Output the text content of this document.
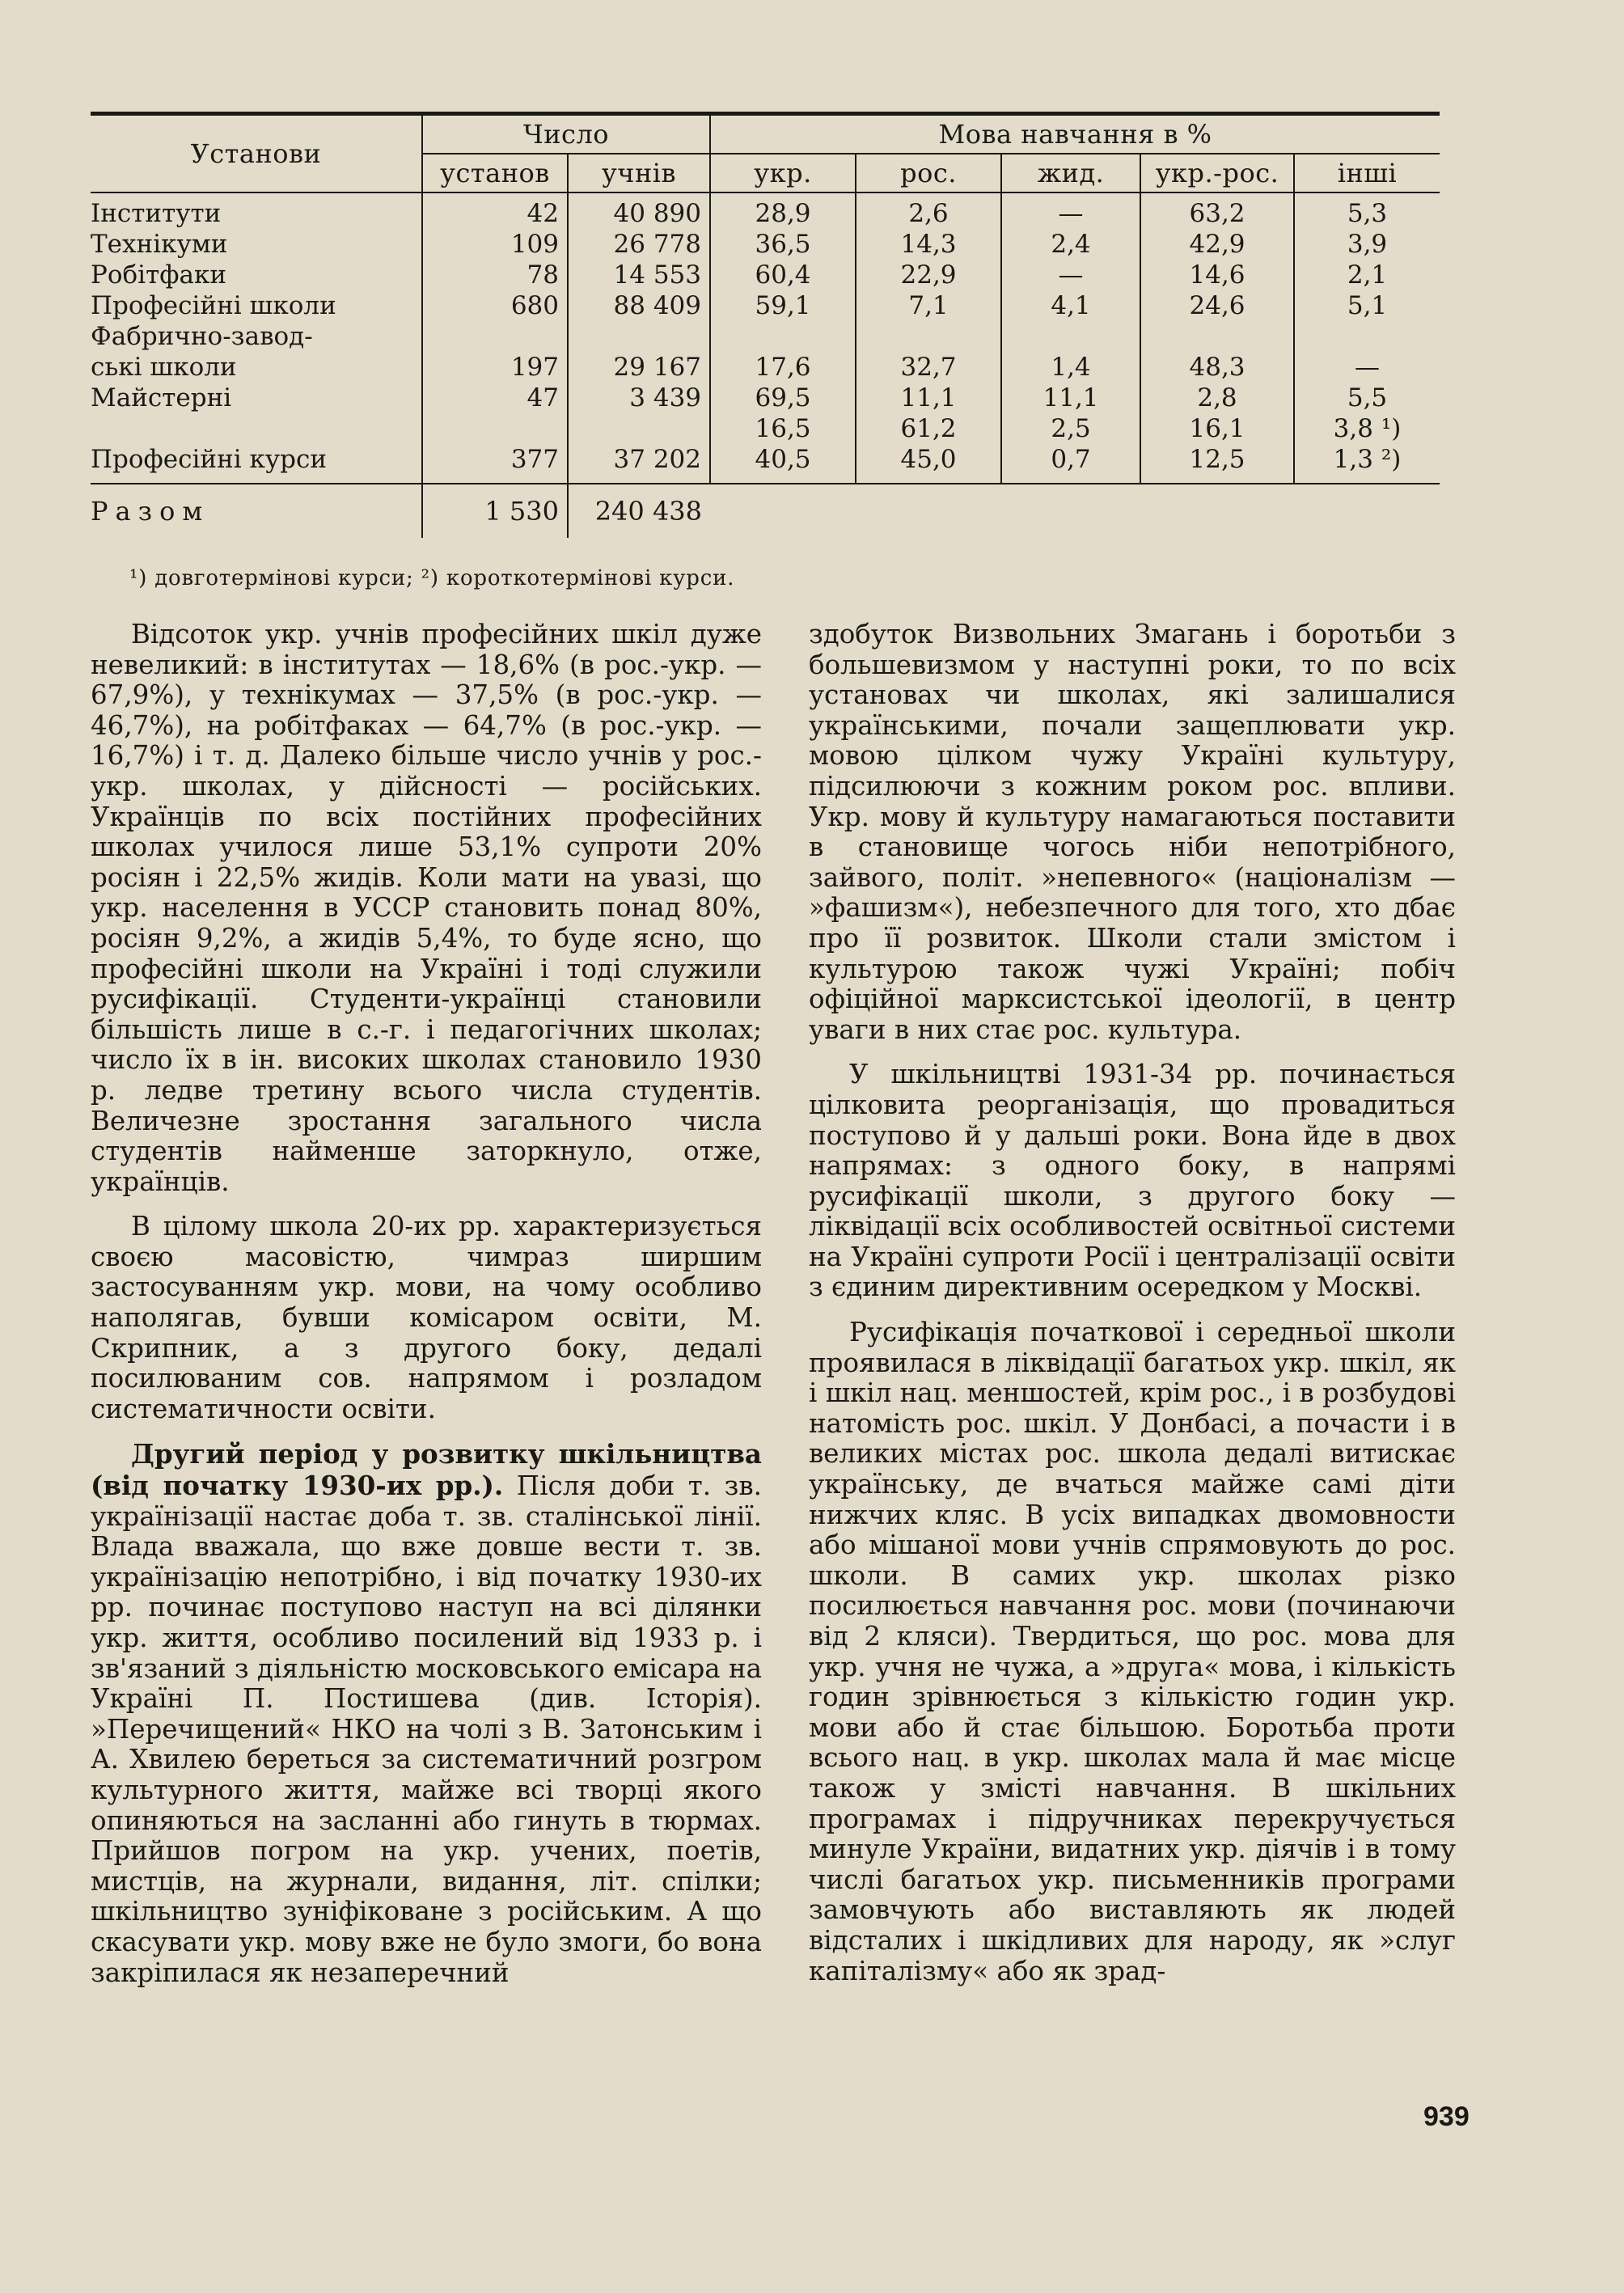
Установи	Число		Мова навчання в %				
	установ	учнів	укр.	рос.	жид.	укр.-рос.	інші
Інститути	42	40 890	28,9	2,6	—	63,2	5,3
Технікуми	109	26 778	36,5	14,3	2,4	42,9	3,9
Робітфаки	78	14 553	60,4	22,9	—	14,6	2,1
Професійні школи	680	88 409	59,1	7,1	4,1	24,6	5,1
Фабрично-завод-							
ські школи	197	29 167	17,6	32,7	1,4	48,3	—
Майстерні	47	3 439	69,5	11,1	11,1	2,8	5,5
			16,5	61,2	2,5	16,1	3,8 ¹)
Професійні курси	377	37 202	40,5	45,0	0,7	12,5	1,3 ²)
Разом	1 530	240 438					
¹) довготермінові курси; ²) короткотермінові курси.

Відсоток укр. учнів професійних шкіл дуже невеликий: в інститутах — 18,6% (в рос.-укр. — 67,9%), у технікумах — 37,5% (в рос.-укр. — 46,7%), на робітфаках — 64,7% (в рос.-укр. — 16,7%) і т. д. Далеко більше число учнів у рос.-укр. школах, у дійсності — російських. Українців по всіх постійних професійних школах училося лише 53,1% супроти 20% росіян і 22,5% жидів. Коли мати на увазі, що укр. населення в УССР становить понад 80%, росіян 9,2%, а жидів 5,4%, то буде ясно, що професійні школи на Україні і тоді служили русифікації. Студенти-українці становили більшість лише в с.-г. і педагогічних школах; число їх в ін. високих школах становило 1930 р. ледве третину всього числа студентів. Величезне зростання загального числа студентів найменше заторкнуло, отже, українців.

В цілому школа 20-их рр. характеризується своєю масовістю, чимраз ширшим застосуванням укр. мови, на чому особливо наполягав, бувши комісаром освіти, М. Скрипник, а з другого боку, дедалі посилюваним сов. напрямом і розладом систематичности освіти.

Другий період у розвитку шкільництва (від початку 1930-их рр.). Після доби т. зв. українізації настає доба т. зв. сталінської лінії. Влада вважала, що вже довше вести т. зв. українізацію непотрібно, і від початку 1930-их рр. починає поступово наступ на всі ділянки укр. життя, особливо посилений від 1933 р. і зв'язаний з діяльністю московського емісара на Україні П. Постишева (див. Історія). »Перечищений« НКО на чолі з В. Затонським і А. Хвилею береться за систематичний розгром культурного життя, майже всі творці якого опиняються на засланні або гинуть в тюрмах. Прийшов погром на укр. учених, поетів, мистців, на журнали, видання, літ. спілки; шкільництво зуніфіковане з російським. А що скасувати укр. мову вже не було змоги, бо вона закріпилася як незаперечний

здобуток Визвольних Змагань і боротьби з большевизмом у наступні роки, то по всіх установах чи школах, які залишалися українськими, почали защеплювати укр. мовою цілком чужу Україні культуру, підсилюючи з кожним роком рос. впливи. Укр. мову й культуру намагаються поставити в становище чогось ніби непотрібного, зайвого, політ. »непевного« (націоналізм — »фашизм«), небезпечного для того, хто дбає про її розвиток. Школи стали змістом і культурою також чужі Україні; побіч офіційної марксистської ідеології, в центр уваги в них стає рос. культура.

У шкільництві 1931-34 рр. починається цілковита реорганізація, що провадиться поступово й у дальші роки. Вона йде в двох напрямах: з одного боку, в напрямі русифікації школи, з другого боку — ліквідації всіх особливостей освітньої системи на Україні супроти Росії і централізації освіти з єдиним директивним осередком у Москві.

Русифікація початкової і середньої школи проявилася в ліквідації багатьох укр. шкіл, як і шкіл нац. меншостей, крім рос., і в розбудові натомість рос. шкіл. У Донбасі, а почасти і в великих містах рос. школа дедалі витискає українську, де вчаться майже самі діти нижчих кляс. В усіх випадках двомовности або мішаної мови учнів спрямовують до рос. школи. В самих укр. школах різко посилюється навчання рос. мови (починаючи від 2 кляси). Твердиться, що рос. мова для укр. учня не чужа, а »друга« мова, і кількість годин зрівнюється з кількістю годин укр. мови або й стає більшою. Боротьба проти всього нац. в укр. школах мала й має місце також у змісті навчання. В шкільних програмах і підручниках перекручується минуле України, видатних укр. діячів і в тому числі багатьох укр. письменників програми замовчують або виставляють як людей відсталих і шкідливих для народу, як »слуг капіталізму« або як зрад-

939
